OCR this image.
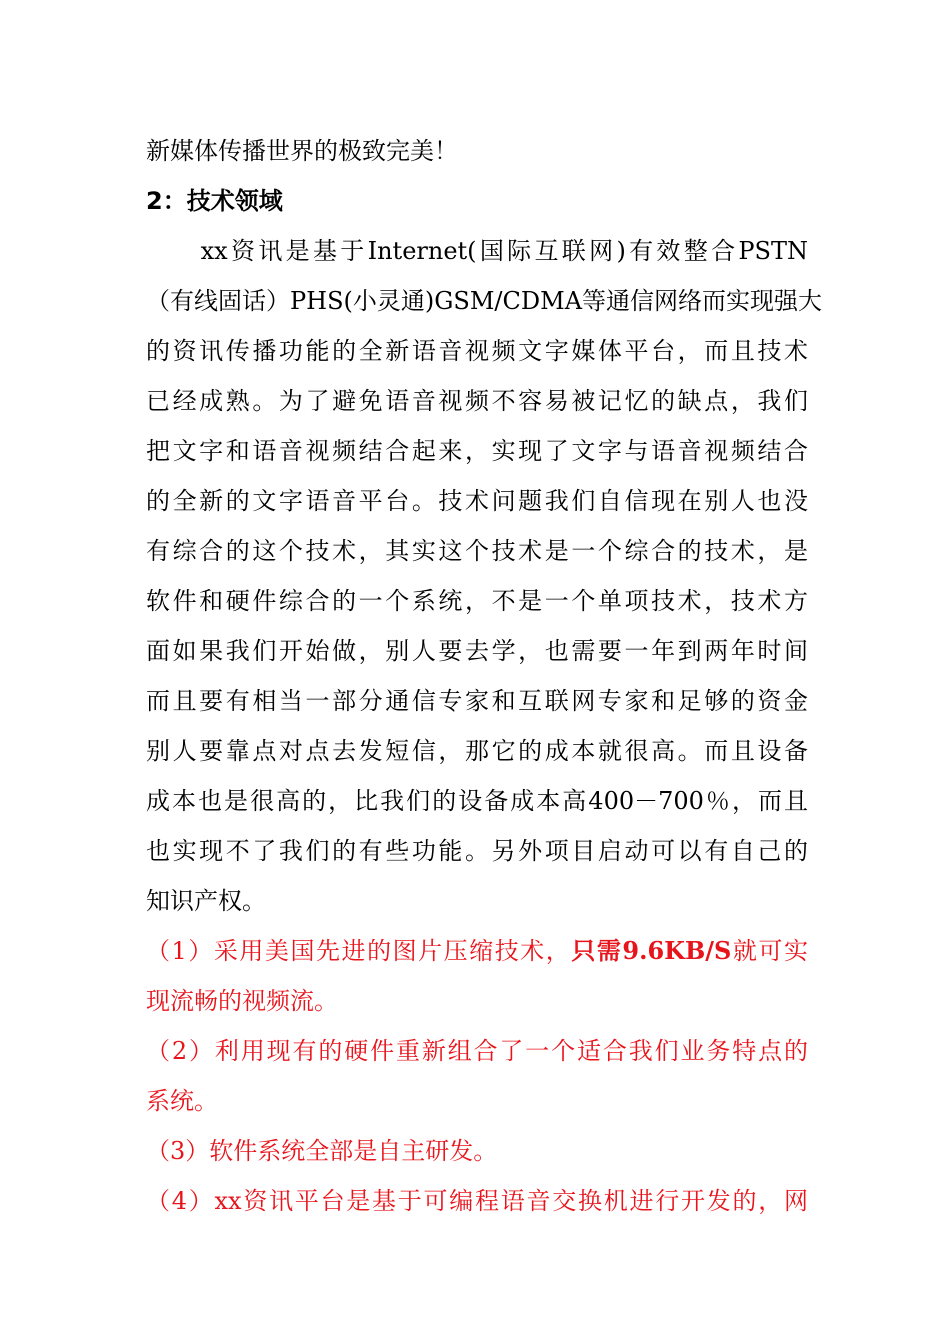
新媒体传播世界的极致完美！
2：技术领域
　　xx资讯是基于Internet(国际互联网)有效整合PSTN
（有线固话）PHS(小灵通)GSM/CDMA等通信网络而实现强大
的资讯传播功能的全新语音视频文字媒体平台，而且技术
已经成熟。为了避免语音视频不容易被记忆的缺点，我们
把文字和语音视频结合起来，实现了文字与语音视频结合
的全新的文字语音平台。技术问题我们自信现在别人也没
有综合的这个技术，其实这个技术是一个综合的技术，是
软件和硬件综合的一个系统，不是一个单项技术，技术方
面如果我们开始做，别人要去学，也需要一年到两年时间
而且要有相当一部分通信专家和互联网专家和足够的资金
别人要靠点对点去发短信，那它的成本就很高。而且设备
成本也是很高的，比我们的设备成本高400－700％，而且
也实现不了我们的有些功能。另外项目启动可以有自己的
知识产权。
（1）采用美国先进的图片压缩技术，只需9.6KB/S就可实
现流畅的视频流。
（2）利用现有的硬件重新组合了一个适合我们业务特点的
系统。
（3）软件系统全部是自主研发。
（4）xx资讯平台是基于可编程语音交换机进行开发的，网
